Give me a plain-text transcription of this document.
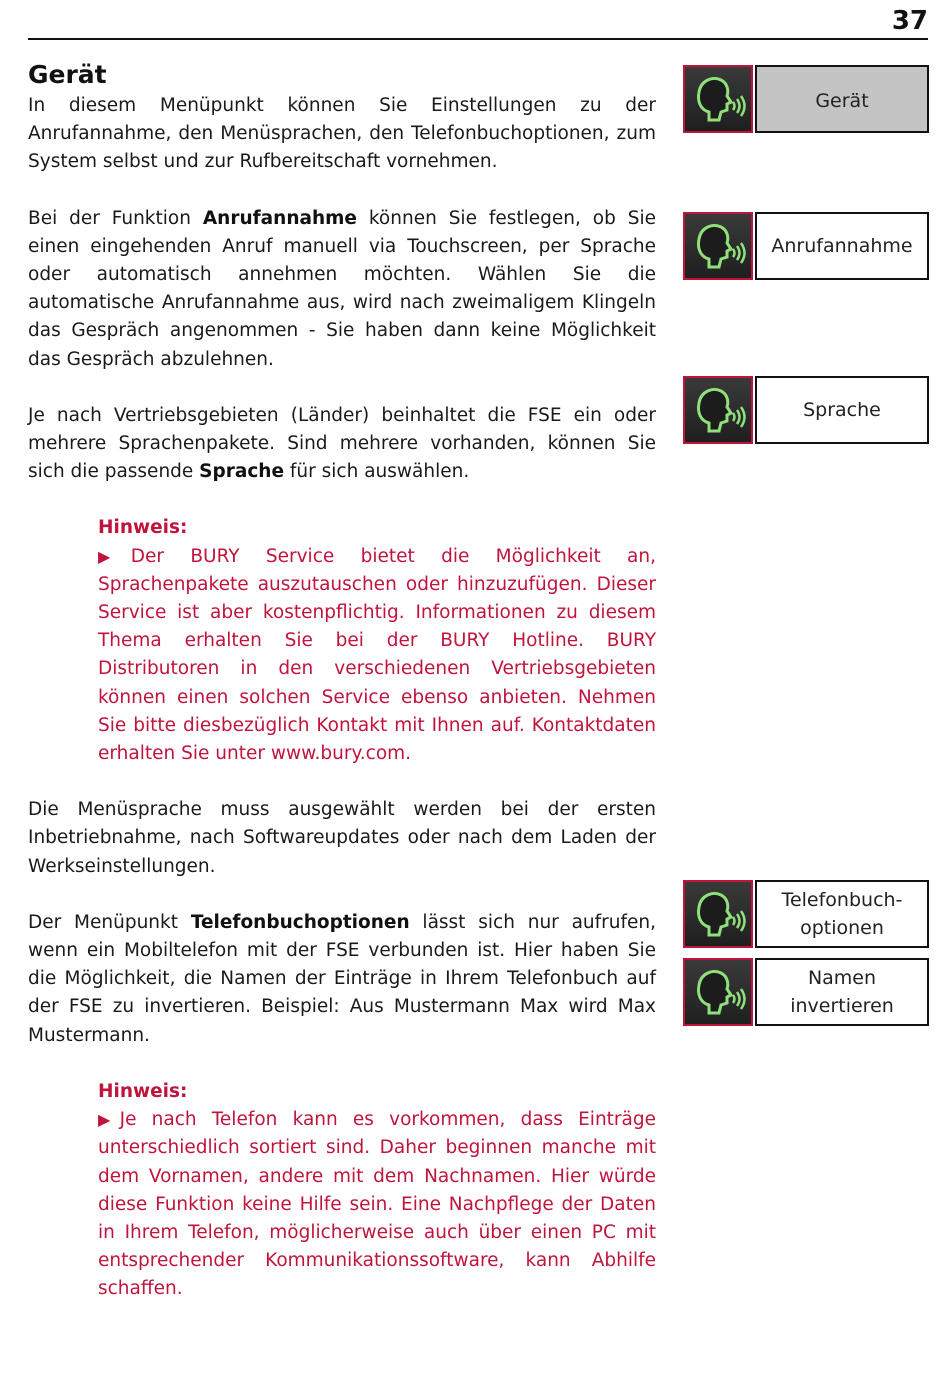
37
Gerät

In diesem Menüpunkt können Sie Einstellungen zu der Anrufannahme, den Menüsprachen, den Telefonbuchoptionen, zum System selbst und zur Rufbereitschaft vornehmen.

Bei der Funktion Anrufannahme können Sie festlegen, ob Sie einen eingehenden Anruf manuell via Touchscreen, per Sprache oder automatisch annehmen möchten. Wählen Sie die automatische Anrufannahme aus, wird nach zweimaligem Klingeln das Gespräch angenommen - Sie haben dann keine Möglichkeit das Gespräch abzulehnen.

Je nach Vertriebsgebieten (Länder) beinhaltet die FSE ein oder mehrere Sprachenpakete. Sind mehrere vorhanden, können Sie sich die passende Sprache für sich auswählen.

Hinweis:
▶Der BURY Service bietet die Möglichkeit an, Sprachenpakete auszutauschen oder hinzuzufügen. Dieser Service ist aber kostenpflichtig. Informationen zu diesem Thema erhalten Sie bei der BURY Hotline. BURY Distributoren in den verschiedenen Vertriebsgebieten können einen solchen Service ebenso anbieten. Nehmen Sie bitte diesbezüglich Kontakt mit Ihnen auf. Kontaktdaten erhalten Sie unter www.bury.com.

Die Menüsprache muss ausgewählt werden bei der ersten Inbetriebnahme, nach Softwareupdates oder nach dem Laden der Werkseinstellungen.

Der Menüpunkt Telefonbuchoptionen lässt sich nur aufrufen, wenn ein Mobiltelefon mit der FSE verbunden ist. Hier haben Sie die Möglichkeit, die Namen der Einträge in Ihrem Telefonbuch auf der FSE zu invertieren. Beispiel: Aus Mustermann Max wird Max Mustermann.

Hinweis:
▶Je nach Telefon kann es vorkommen, dass Einträge unterschiedlich sortiert sind. Daher beginnen manche mit dem Vornamen, andere mit dem Nachnamen. Hier würde diese Funktion keine Hilfe sein. Eine Nachpflege der Daten in Ihrem Telefon, möglicherweise auch über einen PC mit entsprechender Kommunikationssoftware, kann Abhilfe schaffen.
Gerät
Anrufannahme
Sprache
Telefonbuch-
optionen
Namen invertieren
